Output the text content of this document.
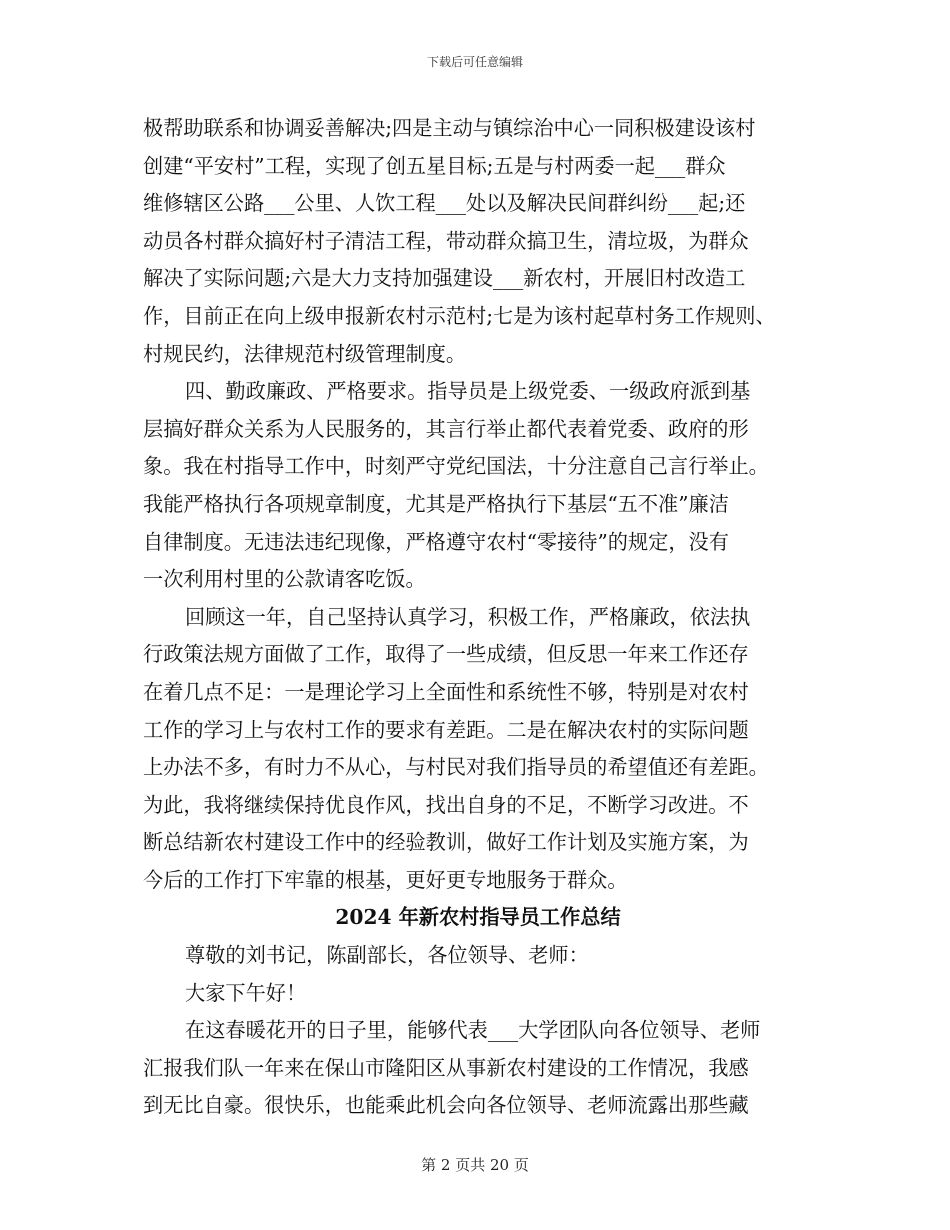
下载后可任意编辑
极帮助联系和协调妥善解决;四是主动与镇综治中心一同积极建设该村
创建“平安村”工程，实现了创五星目标;五是与村两委一起___群众
维修辖区公路___公里、人饮工程___处以及解决民间群纠纷___起;还
动员各村群众搞好村子清洁工程，带动群众搞卫生，清垃圾，为群众
解决了实际问题;六是大力支持加强建设___新农村，开展旧村改造工
作，目前正在向上级申报新农村示范村;七是为该村起草村务工作规则、
村规民约，法律规范村级管理制度。
四、勤政廉政、严格要求。指导员是上级党委、一级政府派到基
层搞好群众关系为人民服务的，其言行举止都代表着党委、政府的形
象。我在村指导工作中，时刻严守党纪国法，十分注意自己言行举止。
我能严格执行各项规章制度，尤其是严格执行下基层“五不准”廉洁
自律制度。无违法违纪现像，严格遵守农村“零接待”的规定，没有
一次利用村里的公款请客吃饭。
回顾这一年，自己坚持认真学习，积极工作，严格廉政，依法执
行政策法规方面做了工作，取得了一些成绩，但反思一年来工作还存
在着几点不足：一是理论学习上全面性和系统性不够，特别是对农村
工作的学习上与农村工作的要求有差距。二是在解决农村的实际问题
上办法不多，有时力不从心，与村民对我们指导员的希望值还有差距。
为此，我将继续保持优良作风，找出自身的不足，不断学习改进。不
断总结新农村建设工作中的经验教训，做好工作计划及实施方案，为
今后的工作打下牢靠的根基，更好更专地服务于群众。
2024 年新农村指导员工作总结
尊敬的刘书记，陈副部长，各位领导、老师：
大家下午好！
在这春暖花开的日子里，能够代表___大学团队向各位领导、老师
汇报我们队一年来在保山市隆阳区从事新农村建设的工作情况，我感
到无比自豪。很快乐，也能乘此机会向各位领导、老师流露出那些藏
第 2 页共 20 页
